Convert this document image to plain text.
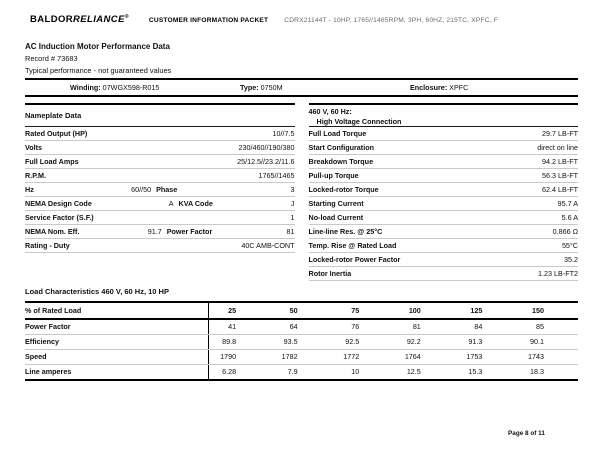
BALDORRELIANCE®
CUSTOMER INFORMATION PACKET CDRX21144T - 10HP, 1765//1465RPM, 3PH, 60HZ, 215TC, XPFC, F
AC Induction Motor Performance Data
Record # 73683
Typical performance - not guaranteed values
Winding: 07WGX598-R015	Type: 0750M	Enclosure: XPFC
Nameplate Data
Rated Output (HP)	10//7.5
Volts	230/460//190/380
Full Load Amps	25/12.5//23.2/11.6
R.P.M.	1765//1465
Hz	60//50 Phase	3
NEMA Design Code	A KVA Code	J
Service Factor (S.F.)	1
NEMA Nom. Eff.	91.7 Power Factor	81
Rating - Duty	40C AMB-CONT
460 V, 60 Hz:
High Voltage Connection
Full Load Torque	29.7 LB-FT
Start Configuration	direct on line
Breakdown Torque	94.2 LB-FT
Pull-up Torque	56.3 LB-FT
Locked-rotor Torque	62.4 LB-FT
Starting Current	95.7 A
No-load Current	5.6 A
Line-line Res. @ 25°C	0.866 Ω
Temp. Rise @ Rated Load	55°C
Locked-rotor Power Factor	35.2
Rotor Inertia	1.23 LB-FT2
Load Characteristics 460 V, 60 Hz, 10 HP
% of Rated Load	25	50	75	100	125	150
Power Factor	41	64	76	81	84	85
Efficiency	89.8	93.5	92.5	92.2	91.3	90.1
Speed	1790	1782	1772	1764	1753	1743
Line amperes	6.28	7.9	10	12.5	15.3	18.3
Page 8 of 11
